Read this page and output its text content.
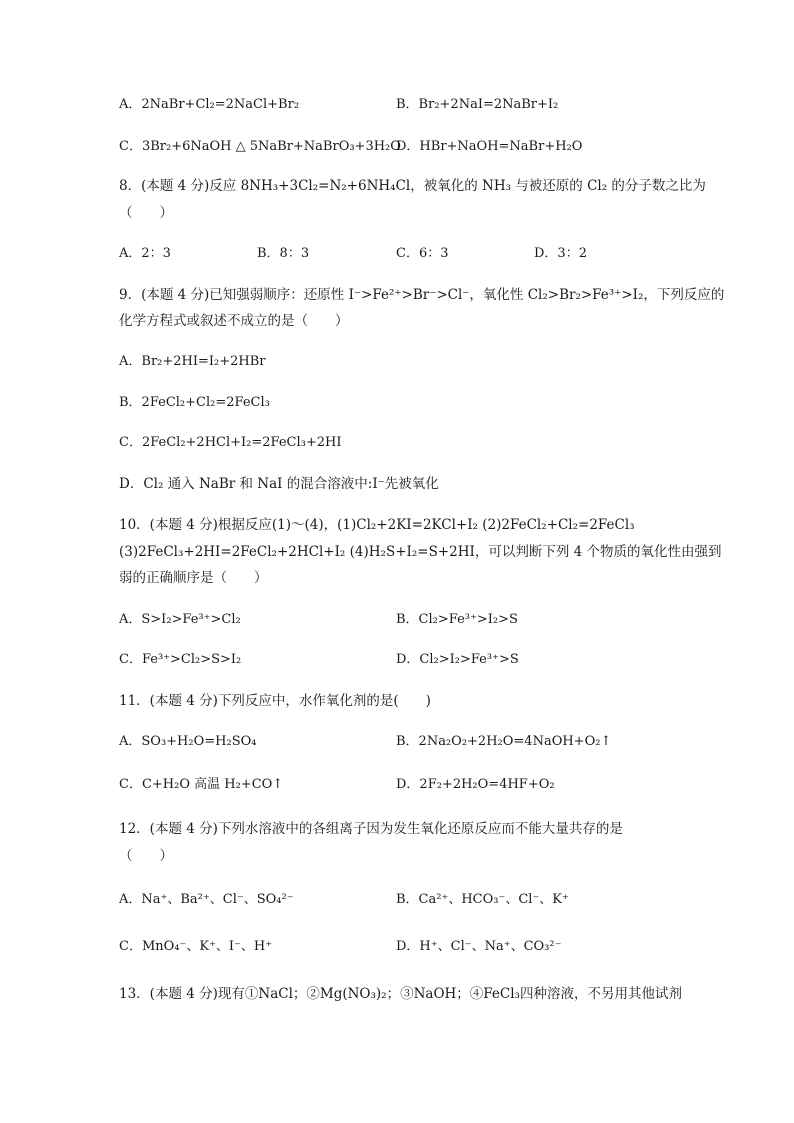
A．2NaBr+Cl₂=2NaCl+Br₂	B．Br₂+2NaI=2NaBr+I₂
C．3Br₂+6NaOH △ 5NaBr+NaBrO₃+3H₂O
D．HBr+NaOH=NaBr+H₂O
8．(本题 4 分)反应 8NH₃+3Cl₂=N₂+6NH₄Cl，被氧化的 NH₃ 与被还原的 Cl₂ 的分子数之比为
（　　）
A．2：3	B．8：3	C．6：3	D．3：2
9．(本题 4 分)已知强弱顺序：还原性 I⁻>Fe²⁺>Br⁻>Cl⁻，氧化性 Cl₂>Br₂>Fe³⁺>I₂，下列反应的
化学方程式或叙述不成立的是（　　）
A．Br₂+2HI=I₂+2HBr
B．2FeCl₂+Cl₂=2FeCl₃
C．2FeCl₂+2HCl+I₂=2FeCl₃+2HI
D．Cl₂ 通入 NaBr 和 NaI 的混合溶液中:I⁻先被氧化
10．(本题 4 分)根据反应(1)～(4)，(1)Cl₂+2KI=2KCl+I₂ (2)2FeCl₂+Cl₂=2FeCl₃
(3)2FeCl₃+2HI=2FeCl₂+2HCl+I₂ (4)H₂S+I₂=S+2HI，可以判断下列 4 个物质的氧化性由强到
弱的正确顺序是（　　）
A．S>I₂>Fe³⁺>Cl₂	B．Cl₂>Fe³⁺>I₂>S
C．Fe³⁺>Cl₂>S>I₂	D．Cl₂>I₂>Fe³⁺>S
11．(本题 4 分)下列反应中，水作氧化剂的是(　　)
A．SO₃+H₂O=H₂SO₄	B．2Na₂O₂+2H₂O=4NaOH+O₂↑
C．C+H₂O 高温 H₂+CO↑	D．2F₂+2H₂O=4HF+O₂
12．(本题 4 分)下列水溶液中的各组离子因为发生氧化还原反应而不能大量共存的是
（　　）
A．Na⁺、Ba²⁺、Cl⁻、SO₄²⁻	B．Ca²⁺、HCO₃⁻、Cl⁻、K⁺
C．MnO₄⁻、K⁺、I⁻、H⁺	D．H⁺、Cl⁻、Na⁺、CO₃²⁻
13．(本题 4 分)现有①NaCl；②Mg(NO₃)₂；③NaOH；④FeCl₃四种溶液，不另用其他试剂
